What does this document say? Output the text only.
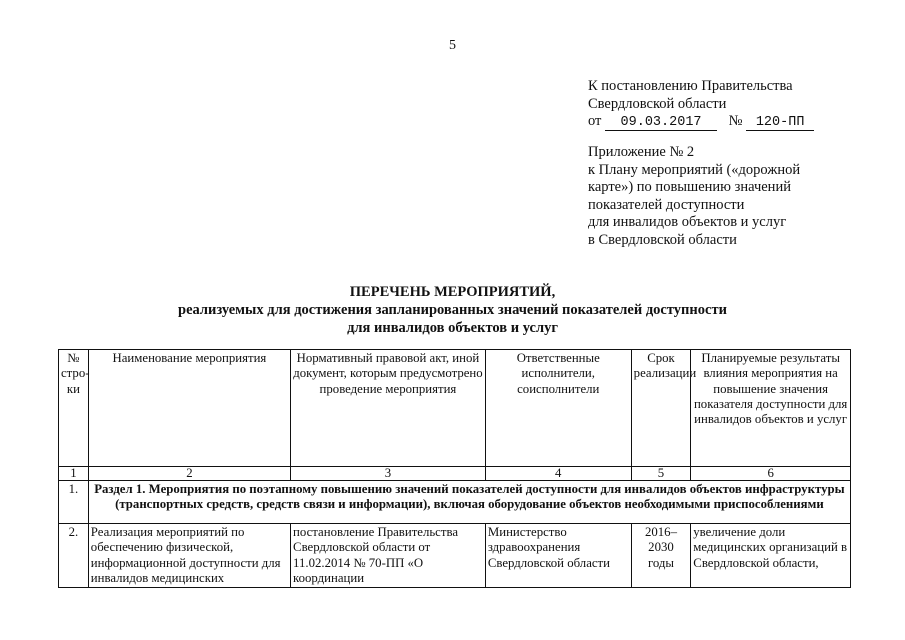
5
К постановлению Правительства
Свердловской области
от 09.03.2017 № 120-ПП
Приложение № 2
к Плану мероприятий («дорожной
карте») по повышению значений
показателей доступности
для инвалидов объектов и услуг
в Свердловской области
ПЕРЕЧЕНЬ МЕРОПРИЯТИЙ,
реализуемых для достижения запланированных значений показателей доступности
для инвалидов объектов и услуг
№ стро-ки	Наименование мероприятия	Нормативный правовой акт, иной документ, которым предусмотрено проведение мероприятия	Ответственные исполнители, соисполнители	Срок реализации	Планируемые результаты влияния мероприятия на повышение значения показателя доступности для инвалидов объектов и услуг
1	2	3	4	5	6
1.	Раздел 1. Мероприятия по поэтапному повышению значений показателей доступности для инвалидов объектов инфраструктуры (транспортных средств, средств связи и информации), включая оборудование объектов необходимыми приспособлениями				
2.	Реализация мероприятий по обеспечению физической, информационной доступности для инвалидов медицинских	постановление Правительства Свердловской области от 11.02.2014 № 70-ПП «О координации	Министерство здравоохранения Свердловской области	2016–2030 годы	увеличение доли медицинских организаций в Свердловской области,
